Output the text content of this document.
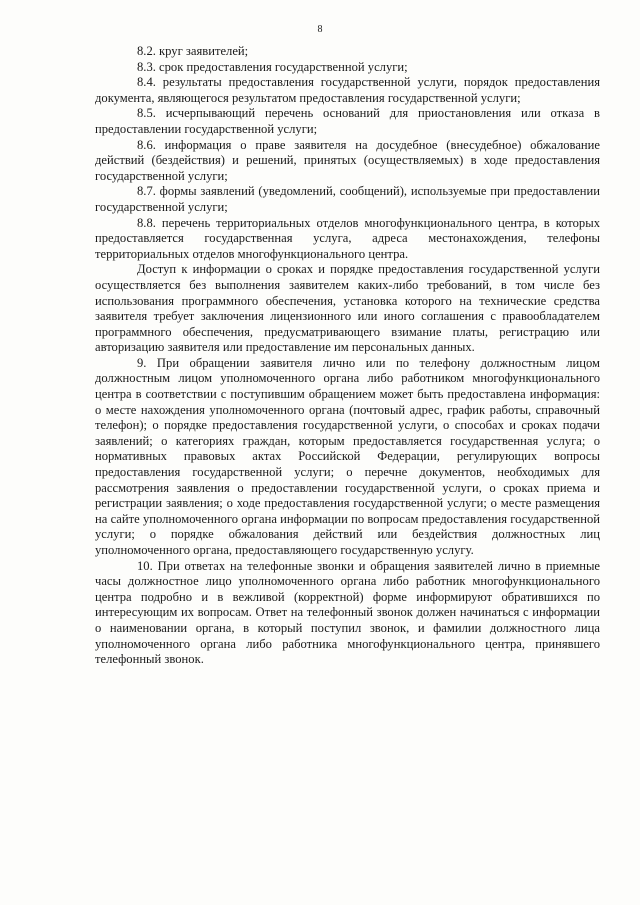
8

8.2. круг заявителей;

8.3. срок предоставления государственной услуги;

8.4. результаты предоставления государственной услуги, порядок предоставления документа, являющегося результатом предоставления государственной услуги;

8.5. исчерпывающий перечень оснований для приостановления или отказа в предоставлении государственной услуги;

8.6. информация о праве заявителя на досудебное (внесудебное) обжалование действий (бездействия) и решений, принятых (осуществляемых) в ходе предоставления государственной услуги;

8.7. формы заявлений (уведомлений, сообщений), используемые при предоставлении государственной услуги;

8.8. перечень территориальных отделов многофункционального центра, в которых предоставляется государственная услуга, адреса местонахождения, телефоны территориальных отделов многофункционального центра.

Доступ к информации о сроках и порядке предоставления государственной услуги осуществляется без выполнения заявителем каких-либо требований, в том числе без использования программного обеспечения, установка которого на технические средства заявителя требует заключения лицензионного или иного соглашения с правообладателем программного обеспечения, предусматривающего взимание платы, регистрацию или авторизацию заявителя или предоставление им персональных данных.

9. При обращении заявителя лично или по телефону должностным лицом должностным лицом уполномоченного органа либо работником многофункционального центра в соответствии с поступившим обращением может быть предоставлена информация: о месте нахождения уполномоченного органа (почтовый адрес, график работы, справочный телефон); о порядке предоставления государственной услуги, о способах и сроках подачи заявлений; о категориях граждан, которым предоставляется государственная услуга; о нормативных правовых актах Российской Федерации, регулирующих вопросы предоставления государственной услуги; о перечне документов, необходимых для рассмотрения заявления о предоставлении государственной услуги, о сроках приема и регистрации заявления; о ходе предоставления государственной услуги; о месте размещения на сайте уполномоченного органа информации по вопросам предоставления государственной услуги; о порядке обжалования действий или бездействия должностных лиц уполномоченного органа, предоставляющего государственную услугу.

10. При ответах на телефонные звонки и обращения заявителей лично в приемные часы должностное лицо уполномоченного органа либо работник многофункционального центра подробно и в вежливой (корректной) форме информируют обратившихся по интересующим их вопросам. Ответ на телефонный звонок должен начинаться с информации о наименовании органа, в который поступил звонок, и фамилии должностного лица уполномоченного органа либо работника многофункционального центра, принявшего телефонный звонок.
